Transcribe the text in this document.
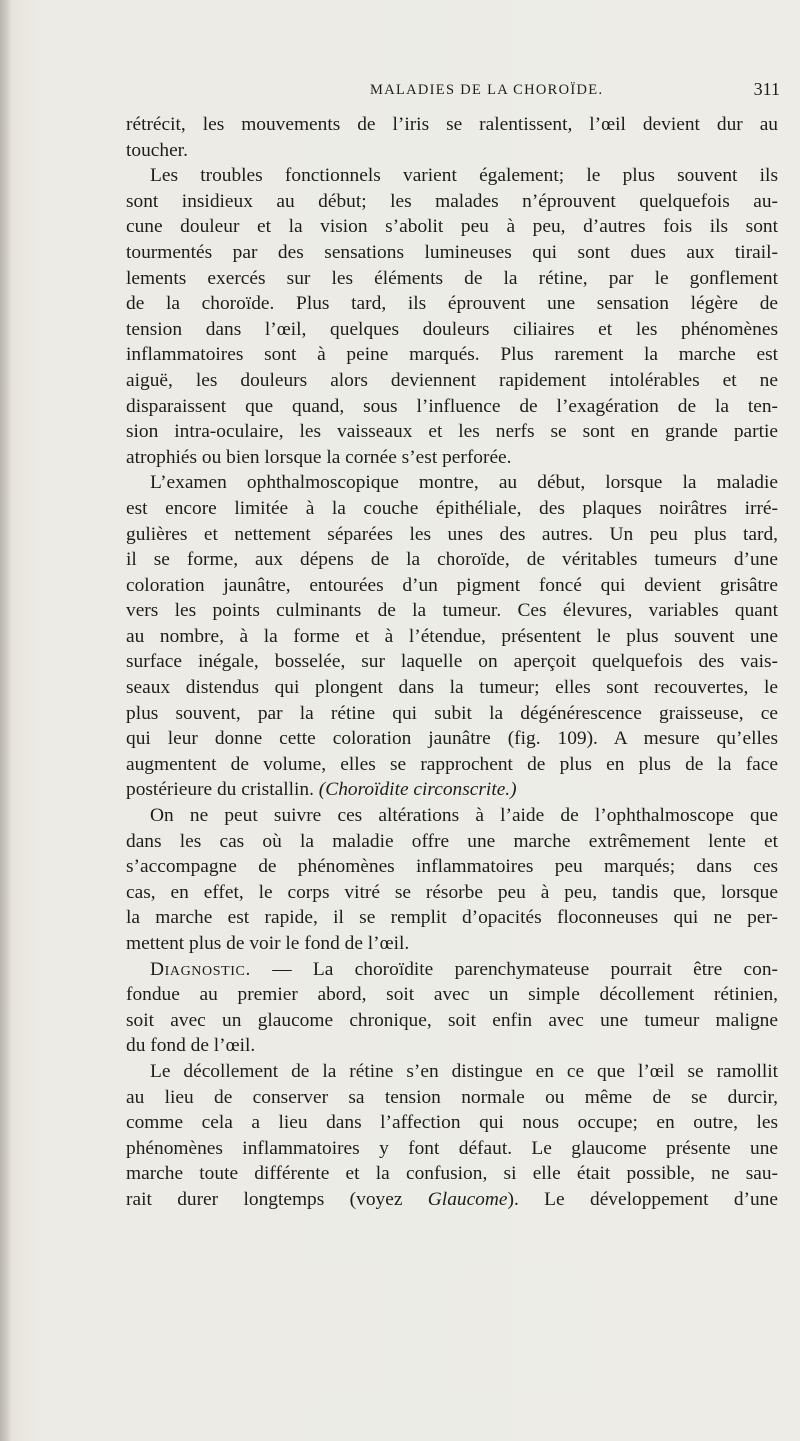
MALADIES DE LA CHOROÏDE.	311
rétrécit, les mouvements de l’iris se ralentissent, l’œil devient dur au
toucher.
Les troubles fonctionnels varient également; le plus souvent ils
sont insidieux au début; les malades n’éprouvent quelquefois au-
cune douleur et la vision s’abolit peu à peu, d’autres fois ils sont
tourmentés par des sensations lumineuses qui sont dues aux tirail-
lements exercés sur les éléments de la rétine, par le gonflement
de la choroïde. Plus tard, ils éprouvent une sensation légère de
tension dans l’œil, quelques douleurs ciliaires et les phénomènes
inflammatoires sont à peine marqués. Plus rarement la marche est
aiguë, les douleurs alors deviennent rapidement intolérables et ne
disparaissent que quand, sous l’influence de l’exagération de la ten-
sion intra-oculaire, les vaisseaux et les nerfs se sont en grande partie
atrophiés ou bien lorsque la cornée s’est perforée.
L’examen ophthalmoscopique montre, au début, lorsque la maladie
est encore limitée à la couche épithéliale, des plaques noirâtres irré-
gulières et nettement séparées les unes des autres. Un peu plus tard,
il se forme, aux dépens de la choroïde, de véritables tumeurs d’une
coloration jaunâtre, entourées d’un pigment foncé qui devient grisâtre
vers les points culminants de la tumeur. Ces élevures, variables quant
au nombre, à la forme et à l’étendue, présentent le plus souvent une
surface inégale, bosselée, sur laquelle on aperçoit quelquefois des vais-
seaux distendus qui plongent dans la tumeur; elles sont recouvertes, le
plus souvent, par la rétine qui subit la dégénérescence graisseuse, ce
qui leur donne cette coloration jaunâtre (fig. 109). A mesure qu’elles
augmentent de volume, elles se rapprochent de plus en plus de la face
postérieure du cristallin. (Choroïdite circonscrite.)
On ne peut suivre ces altérations à l’aide de l’ophthalmoscope que
dans les cas où la maladie offre une marche extrêmement lente et
s’accompagne de phénomènes inflammatoires peu marqués; dans ces
cas, en effet, le corps vitré se résorbe peu à peu, tandis que, lorsque
la marche est rapide, il se remplit d’opacités floconneuses qui ne per-
mettent plus de voir le fond de l’œil.
Diagnostic. — La choroïdite parenchymateuse pourrait être con-
fondue au premier abord, soit avec un simple décollement rétinien,
soit avec un glaucome chronique, soit enfin avec une tumeur maligne
du fond de l’œil.
Le décollement de la rétine s’en distingue en ce que l’œil se ramollit
au lieu de conserver sa tension normale ou même de se durcir,
comme cela a lieu dans l’affection qui nous occupe; en outre, les
phénomènes inflammatoires y font défaut. Le glaucome présente une
marche toute différente et la confusion, si elle était possible, ne sau-
rait durer longtemps (voyez Glaucome). Le développement d’une
